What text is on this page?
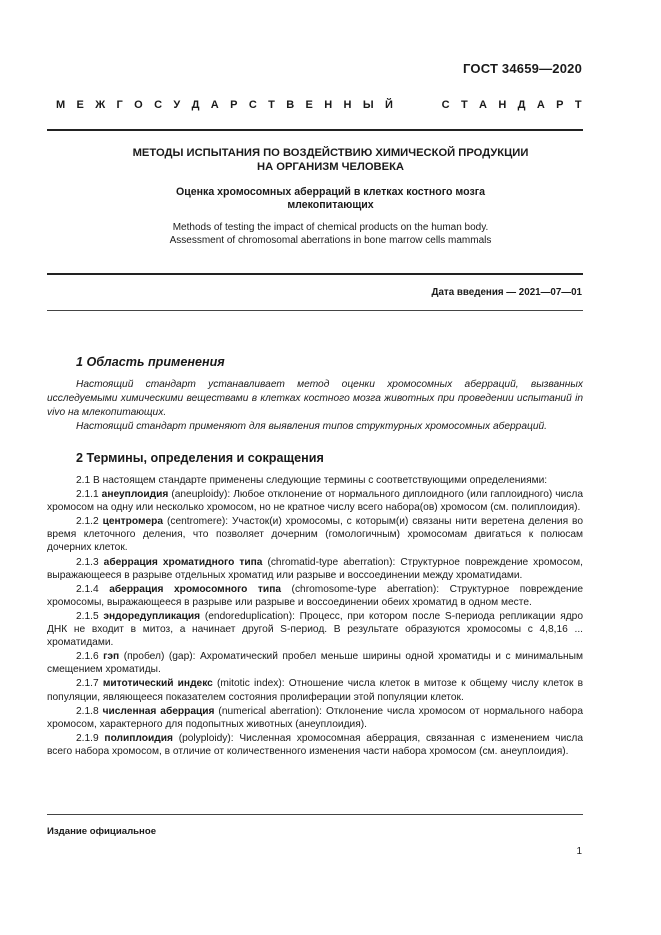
ГОСТ 34659—2020
М Е Ж Г О С У Д А Р С Т В Е Н Н Ы Й	С Т А Н Д А Р Т
МЕТОДЫ ИСПЫТАНИЯ ПО ВОЗДЕЙСТВИЮ ХИМИЧЕСКОЙ ПРОДУКЦИИ
НА ОРГАНИЗМ ЧЕЛОВЕКА
Оценка хромосомных аберраций в клетках костного мозга
млекопитающих
Methods of testing the impact of chemical products on the human body.
Assessment of chromosomal aberrations in bone marrow cells mammals
Дата введения — 2021—07—01
1 Область применения

Настоящий стандарт устанавливает метод оценки хромосомных аберраций, вызванных исследуемыми химическими веществами в клетках костного мозга животных при проведении испытаний in vivo на млекопитающих.

Настоящий стандарт применяют для выявления типов структурных хромосомных аберраций.

2 Термины, определения и сокращения

2.1 В настоящем стандарте применены следующие термины с соответствующими определениями:

2.1.1 анеуплоидия (aneuploidy): Любое отклонение от нормального диплоидного (или гаплоидного) числа хромосом на одну или несколько хромосом, но не кратное числу всего набора(ов) хромосом (см. полиплоидия).

2.1.2 центромера (centromere): Участок(и) хромосомы, с которым(и) связаны нити веретена деления во время клеточного деления, что позволяет дочерним (гомологичным) хромосомам двигаться к полюсам дочерних клеток.

2.1.3 аберрация хроматидного типа (chromatid-type aberration): Структурное повреждение хромосом, выражающееся в разрыве отдельных хроматид или разрыве и воссоединении между хроматидами.

2.1.4 аберрация хромосомного типа (chromosome-type aberration): Структурное повреждение хромосомы, выражающееся в разрыве или разрыве и воссоединении обеих хроматид в одном месте.

2.1.5 эндоредупликация (endoreduplication): Процесс, при котором после S-периода репликации ядро ДНК не входит в митоз, а начинает другой S-период. В результате образуются хромосомы с 4,8,16 ... хроматидами.

2.1.6 гэп (пробел) (gap): Ахроматический пробел меньше ширины одной хроматиды и с минимальным смещением хроматиды.

2.1.7 митотический индекс (mitotic index): Отношение числа клеток в митозе к общему числу клеток в популяции, являющееся показателем состояния пролиферации этой популяции клеток.

2.1.8 численная аберрация (numerical aberration): Отклонение числа хромосом от нормального набора хромосом, характерного для подопытных животных (анеуплоидия).

2.1.9 полиплоидия (polyploidy): Численная хромосомная аберрация, связанная с изменением числа всего набора хромосом, в отличие от количественного изменения части набора хромосом (см. анеуплоидия).

Издание официальное
1
